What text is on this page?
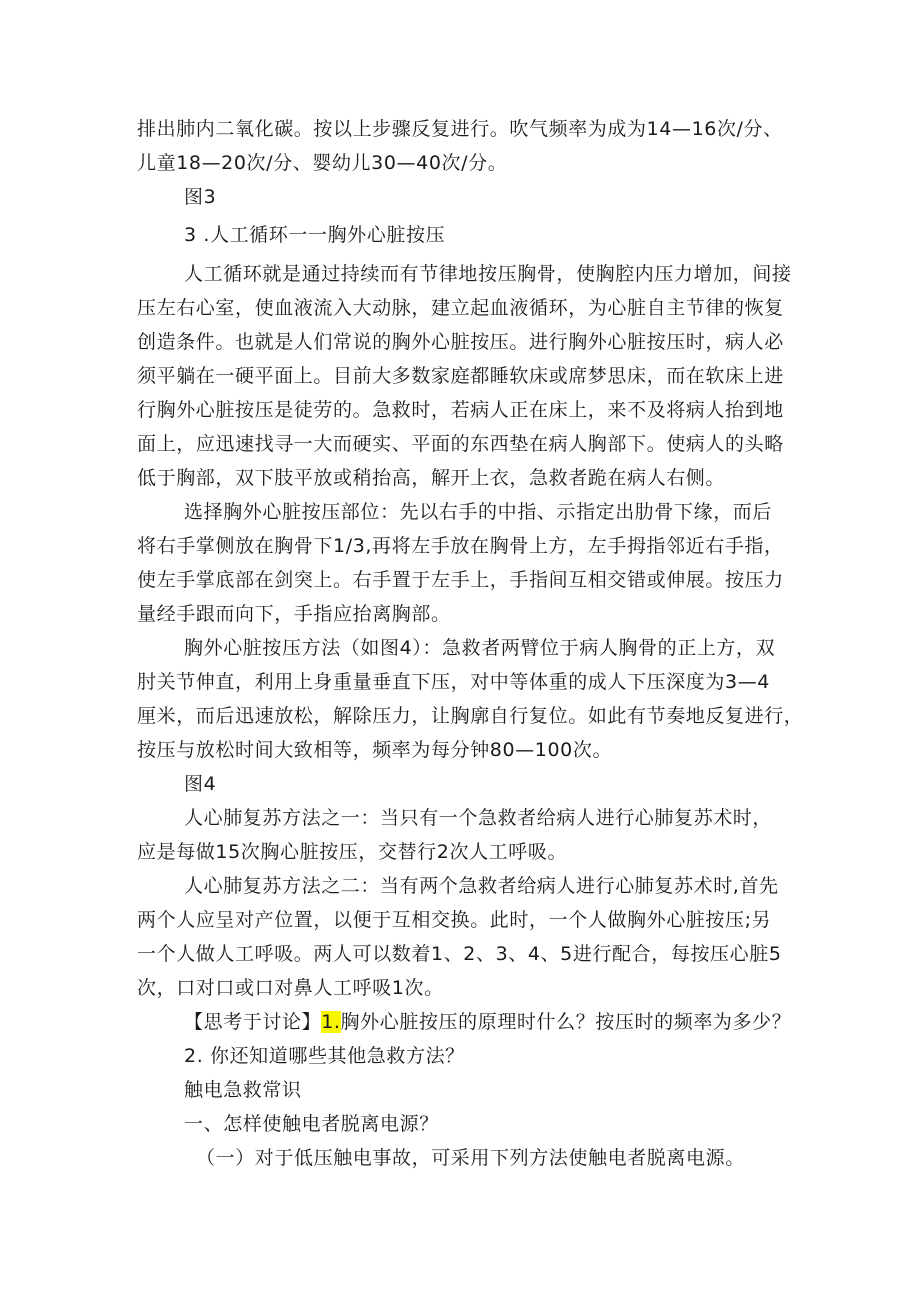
排出肺内二氧化碳。按以上步骤反复进行。吹气频率为成为14—16次/分、
儿童18—20次/分、婴幼儿30—40次/分。
图3
3 .人工循环一一胸外心脏按压
人工循环就是通过持续而有节律地按压胸骨，使胸腔内压力增加，间接
压左右心室，使血液流入大动脉，建立起血液循环，为心脏自主节律的恢复
创造条件。也就是人们常说的胸外心脏按压。进行胸外心脏按压时，病人必
须平躺在一硬平面上。目前大多数家庭都睡软床或席梦思床，而在软床上进
行胸外心脏按压是徒劳的。急救时，若病人正在床上，来不及将病人抬到地
面上，应迅速找寻一大而硬实、平面的东西垫在病人胸部下。使病人的头略
低于胸部，双下肢平放或稍抬高，解开上衣，急救者跪在病人右侧。
选择胸外心脏按压部位：先以右手的中指、示指定出肋骨下缘，而后
将右手掌侧放在胸骨下1/3,再将左手放在胸骨上方，左手拇指邻近右手指，
使左手掌底部在剑突上。右手置于左手上，手指间互相交错或伸展。按压力
量经手跟而向下，手指应抬离胸部。
胸外心脏按压方法（如图4）：急救者两臂位于病人胸骨的正上方，双
肘关节伸直，利用上身重量垂直下压，对中等体重的成人下压深度为3—4
厘米，而后迅速放松，解除压力，让胸廓自行复位。如此有节奏地反复进行，
按压与放松时间大致相等，频率为每分钟80—100次。
图4
人心肺复苏方法之一：当只有一个急救者给病人进行心肺复苏术时，
应是每做15次胸心脏按压，交替行2次人工呼吸。
人心肺复苏方法之二：当有两个急救者给病人进行心肺复苏术时,首先
两个人应呈对产位置，以便于互相交换。此时，一个人做胸外心脏按压;另
一个人做人工呼吸。两人可以数着1、2、3、4、5进行配合，每按压心脏5
次，口对口或口对鼻人工呼吸1次。
【思考于讨论】1.胸外心脏按压的原理时什么？按压时的频率为多少？
2. 你还知道哪些其他急救方法？
触电急救常识
一、怎样使触电者脱离电源？
（一）对于低压触电事故，可采用下列方法使触电者脱离电源。
